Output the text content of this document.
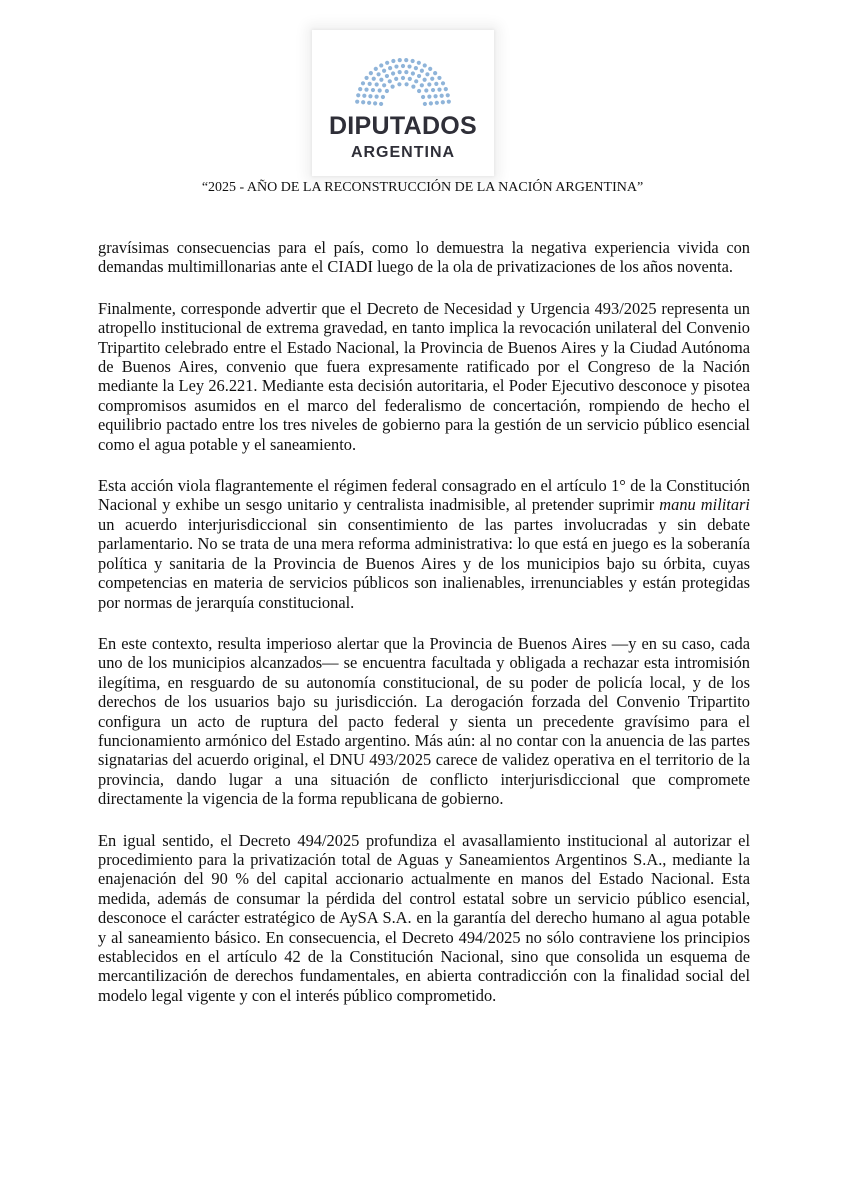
DIPUTADOS
ARGENTINA
“2025 - AÑO DE LA RECONSTRUCCIÓN DE LA NACIÓN ARGENTINA”

gravísimas consecuencias para el país, como lo demuestra la negativa experiencia vivida con demandas multimillonarias ante el CIADI luego de la ola de privatizaciones de los años noventa.

Finalmente, corresponde advertir que el Decreto de Necesidad y Urgencia 493/2025 representa un atropello institucional de extrema gravedad, en tanto implica la revocación unilateral del Convenio Tripartito celebrado entre el Estado Nacional, la Provincia de Buenos Aires y la Ciudad Autónoma de Buenos Aires, convenio que fuera expresamente ratificado por el Congreso de la Nación mediante la Ley 26.221. Mediante esta decisión autoritaria, el Poder Ejecutivo desconoce y pisotea compromisos asumidos en el marco del federalismo de concertación, rompiendo de hecho el equilibrio pactado entre los tres niveles de gobierno para la gestión de un servicio público esencial como el agua potable y el saneamiento.

Esta acción viola flagrantemente el régimen federal consagrado en el artículo 1° de la Constitución Nacional y exhibe un sesgo unitario y centralista inadmisible, al pretender suprimir manu militari un acuerdo interjurisdiccional sin consentimiento de las partes involucradas y sin debate parlamentario. No se trata de una mera reforma administrativa: lo que está en juego es la soberanía política y sanitaria de la Provincia de Buenos Aires y de los municipios bajo su órbita, cuyas competencias en materia de servicios públicos son inalienables, irrenunciables y están protegidas por normas de jerarquía constitucional.

En este contexto, resulta imperioso alertar que la Provincia de Buenos Aires —y en su caso, cada uno de los municipios alcanzados— se encuentra facultada y obligada a rechazar esta intromisión ilegítima, en resguardo de su autonomía constitucional, de su poder de policía local, y de los derechos de los usuarios bajo su jurisdicción. La derogación forzada del Convenio Tripartito configura un acto de ruptura del pacto federal y sienta un precedente gravísimo para el funcionamiento armónico del Estado argentino. Más aún: al no contar con la anuencia de las partes signatarias del acuerdo original, el DNU 493/2025 carece de validez operativa en el territorio de la provincia, dando lugar a una situación de conflicto interjurisdiccional que compromete directamente la vigencia de la forma republicana de gobierno.

En igual sentido, el Decreto 494/2025 profundiza el avasallamiento institucional al autorizar el procedimiento para la privatización total de Aguas y Saneamientos Argentinos S.A., mediante la enajenación del 90 % del capital accionario actualmente en manos del Estado Nacional. Esta medida, además de consumar la pérdida del control estatal sobre un servicio público esencial, desconoce el carácter estratégico de AySA S.A. en la garantía del derecho humano al agua potable y al saneamiento básico. En consecuencia, el Decreto 494/2025 no sólo contraviene los principios establecidos en el artículo 42 de la Constitución Nacional, sino que consolida un esquema de mercantilización de derechos fundamentales, en abierta contradicción con la finalidad social del modelo legal vigente y con el interés público comprometido.
